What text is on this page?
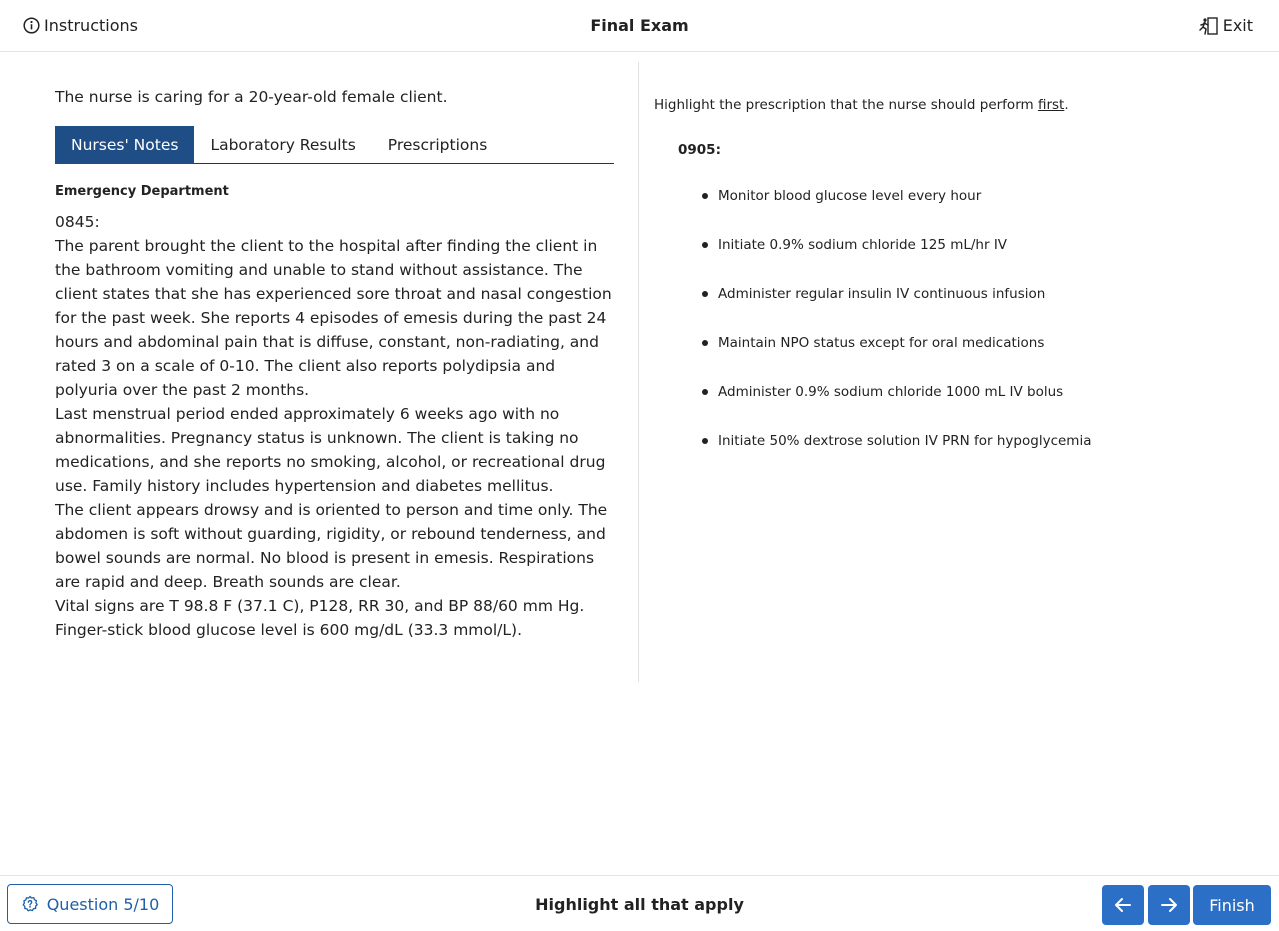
Instructions	Final Exam	Exit
The nurse is caring for a 20-year-old female client.
Nurses' Notes	Laboratory Results	Prescriptions
Emergency Department

0845:

The parent brought the client to the hospital after finding the client in the bathroom vomiting and unable to stand without assistance. The client states that she has experienced sore throat and nasal congestion for the past week. She reports 4 episodes of emesis during the past 24 hours and abdominal pain that is diffuse, constant, non-radiating, and rated 3 on a scale of 0-10. The client also reports polydipsia and polyuria over the past 2 months.

Last menstrual period ended approximately 6 weeks ago with no abnormalities. Pregnancy status is unknown. The client is taking no medications, and she reports no smoking, alcohol, or recreational drug use. Family history includes hypertension and diabetes mellitus.

The client appears drowsy and is oriented to person and time only. The abdomen is soft without guarding, rigidity, or rebound tenderness, and bowel sounds are normal. No blood is present in emesis. Respirations are rapid and deep. Breath sounds are clear.

Vital signs are T 98.8 F (37.1 C), P128, RR 30, and BP 88/60 mm Hg.

Finger-stick blood glucose level is 600 mg/dL (33.3 mmol/L).

Highlight the prescription that the nurse should perform first.
0905:
Monitor blood glucose level every hour
Initiate 0.9% sodium chloride 125 mL/hr IV
Administer regular insulin IV continuous infusion
Maintain NPO status except for oral medications
Administer 0.9% sodium chloride 1000 mL IV bolus
Initiate 50% dextrose solution IV PRN for hypoglycemia
Question 5/10	Highlight all that apply	Finish
